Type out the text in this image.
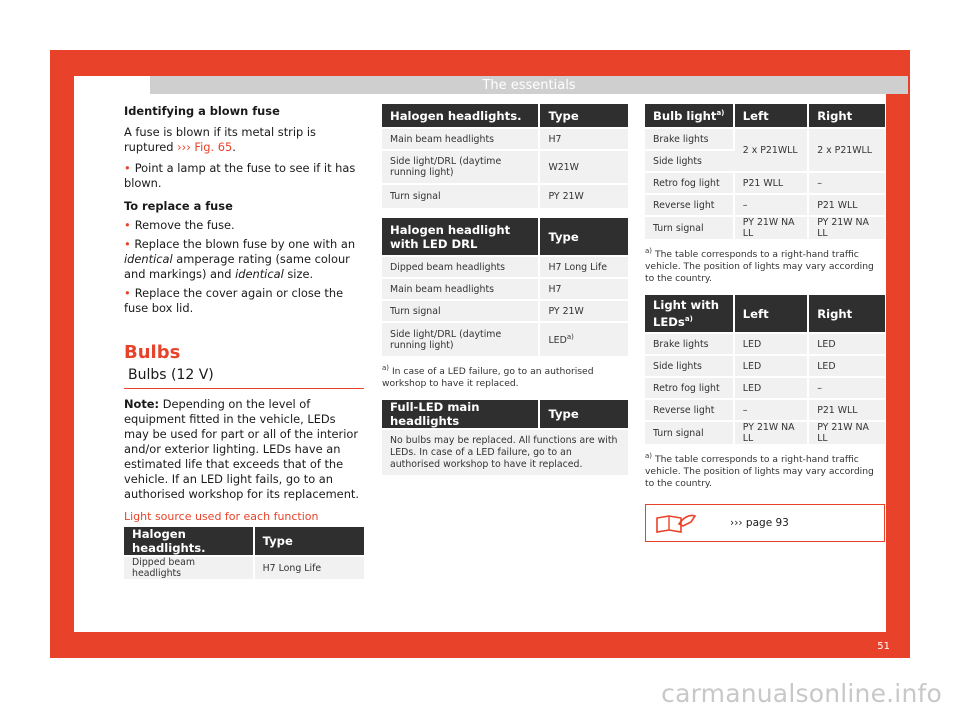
The essentials

Identifying a blown fuse

A fuse is blown if its metal strip is ruptured ››› Fig. 65.

• Point a lamp at the fuse to see if it has blown.

To replace a fuse

• Remove the fuse.

• Replace the blown fuse by one with an identical amperage rating (same colour and markings) and identical size.

• Replace the cover again or close the fuse box lid.

Bulbs
Bulbs (12 V)

Note: Depending on the level of equipment fitted in the vehicle, LEDs may be used for part or all of the interior and/or exterior lighting. LEDs have an estimated life that exceeds that of the vehicle. If an LED light fails, go to an authorised workshop for its replacement.

Light source used for each function

Halogen headlights.	Type
Dipped beam headlights	H7 Long Life
Halogen headlights.	Type
Main beam headlights	H7
Side light/DRL (daytime running light)	W21W
Turn signal	PY 21W
Halogen headlight with LED DRL	Type
Dipped beam headlights	H7 Long Life
Main beam headlights	H7
Turn signal	PY 21W
Side light/DRL (daytime running light)	LED$^{a)}$

$^{a)}$ In case of a LED failure, go to an authorised workshop to have it replaced.

Full-LED main headlights	Type
No bulbs may be replaced. All functions are with LEDs. In case of a LED failure, go to an authorised workshop to have it replaced.
Bulb light$^{a)}$	Left	Right
Brake lights	2 x P21WLL	2 x P21WLL
Side lights		
Retro fog light	P21 WLL	–
Reverse light	–	P21 WLL
Turn signal	PY 21W NA LL	PY 21W NA LL

$^{a)}$ The table corresponds to a right-hand traffic vehicle. The position of lights may vary according to the country.

Light with LEDs$^{a)}$	Left	Right
Brake lights	LED	LED
Side lights	LED	LED
Retro fog light	LED	–
Reverse light	–	P21 WLL
Turn signal	PY 21W NA LL	PY 21W NA LL

$^{a)}$ The table corresponds to a right-hand traffic vehicle. The position of lights may vary according to the country.

››› page 93
51
carmanualsonline.info
